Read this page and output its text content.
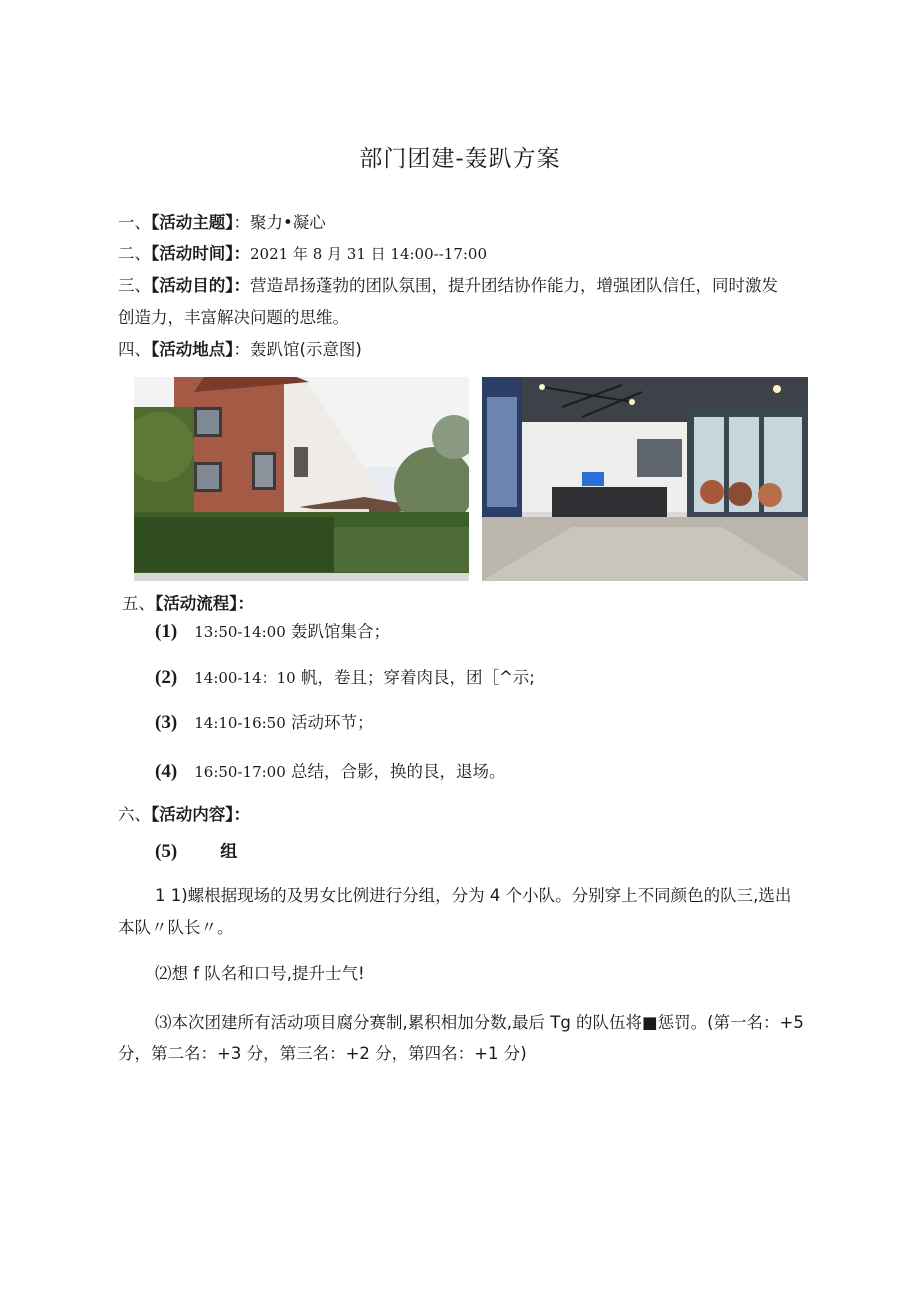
部门团建-轰趴方案
一、【活动主题】：聚力•凝心
二、【活动时间】：2021 年 8 月 31 日 14:00--17:00
三、【活动目的】：营造昂扬蓬勃的团队氛围，提升团结协作能力，增强团队信任，同时激发
创造力，丰富解决问题的思维。
四、【活动地点】：轰趴馆(示意图)
五、【活动流程】：
(1) 13:50-14:00 轰趴馆集合；
(2) 14:00-14：10 帆，卷且；穿着肉艮，团［^示;
(3) 14:10-16:50 活动环节；
(4) 16:50-17:00 总结，合影，换的艮，退场。
六、【活动内容】：
(5)	组
1 1)螺根据现场的及男女比例进行分组，分为 4 个小队。分别穿上不同颜色的队三,选出
本队〃队长〃。
⑵想 f 队名和口号,提升士气!
⑶本次团建所有活动项目腐分赛制,累积相加分数,最后 Tg 的队伍将■惩罚。(第一名：+5
分，第二名：+3 分，第三名：+2 分，第四名：+1 分)
